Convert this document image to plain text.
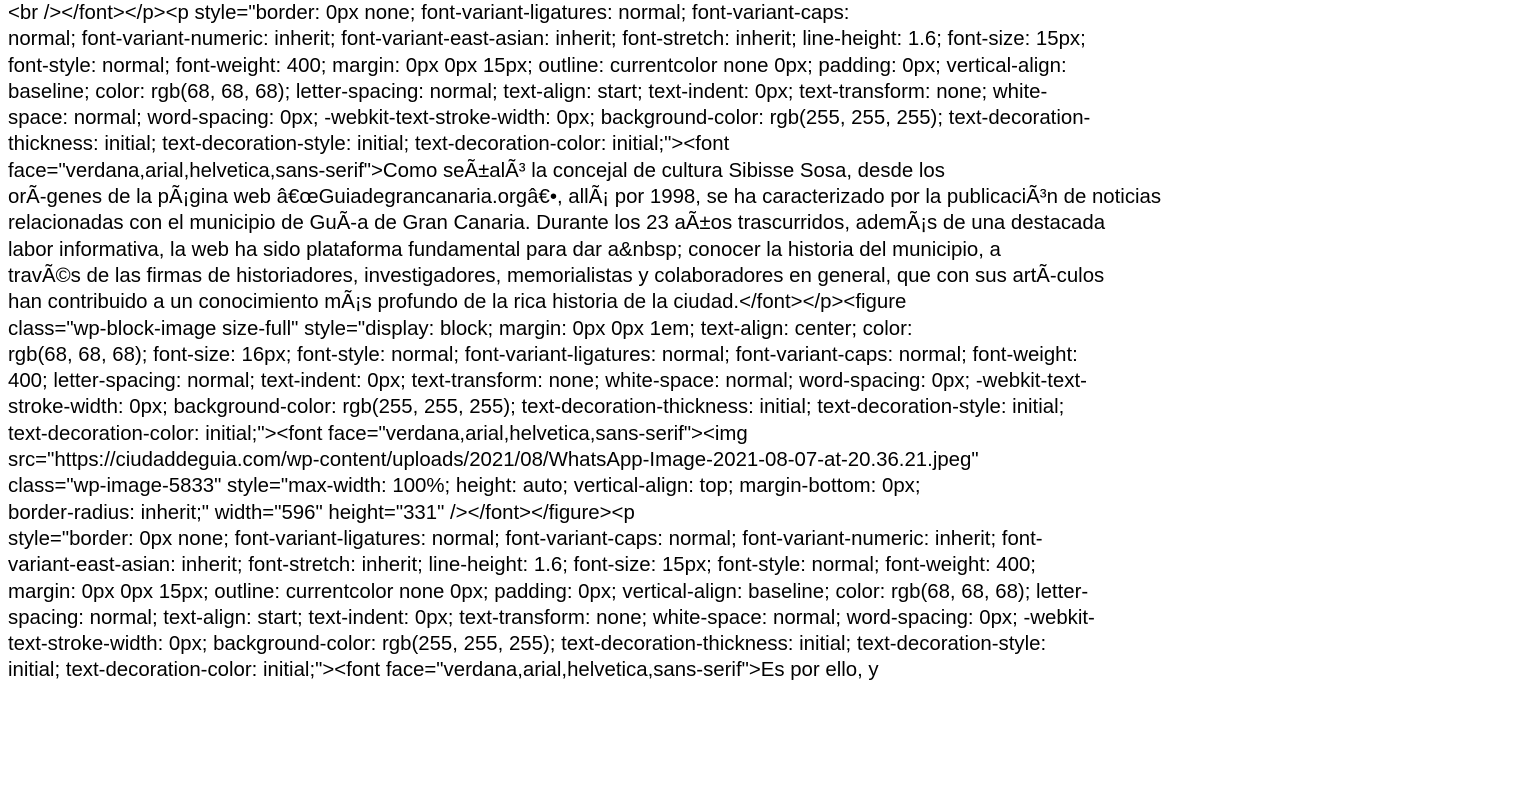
<br /></font></p><p style="border: 0px none; font-variant-ligatures: normal; font-variant-caps:
normal; font-variant-numeric: inherit; font-variant-east-asian: inherit; font-stretch: inherit; line-height: 1.6; font-size: 15px;
font-style: normal; font-weight: 400; margin: 0px 0px 15px; outline: currentcolor none 0px; padding: 0px; vertical-align:
baseline; color: rgb(68, 68, 68); letter-spacing: normal; text-align: start; text-indent: 0px; text-transform: none; white-
space: normal; word-spacing: 0px; -webkit-text-stroke-width: 0px; background-color: rgb(255, 255, 255); text-decoration-
thickness: initial; text-decoration-style: initial; text-decoration-color: initial;"><font
face="verdana,arial,helvetica,sans-serif">Como seÃ±alÃ³ la concejal de cultura Sibisse Sosa, desde los
orÃ-genes de la pÃ¡gina web â€œGuiadegrancanaria.orgâ€•, allÃ¡ por 1998, se ha caracterizado por la publicaciÃ³n de noticias
relacionadas con el municipio de GuÃ-a de Gran Canaria. Durante los 23 aÃ±os trascurridos, ademÃ¡s de una destacada
labor informativa, la web ha sido plataforma fundamental para dar a&nbsp; conocer la historia del municipio, a
travÃ©s de las firmas de historiadores, investigadores, memorialistas y colaboradores en general, que con sus artÃ-culos
han contribuido a un conocimiento mÃ¡s profundo de la rica historia de la ciudad.</font></p><figure
class="wp-block-image size-full" style="display: block; margin: 0px 0px 1em; text-align: center; color:
rgb(68, 68, 68); font-size: 16px; font-style: normal; font-variant-ligatures: normal; font-variant-caps: normal; font-weight:
400; letter-spacing: normal; text-indent: 0px; text-transform: none; white-space: normal; word-spacing: 0px; -webkit-text-
stroke-width: 0px; background-color: rgb(255, 255, 255); text-decoration-thickness: initial; text-decoration-style: initial;
text-decoration-color: initial;"><font face="verdana,arial,helvetica,sans-serif"><img
src="https://ciudaddeguia.com/wp-content/uploads/2021/08/WhatsApp-Image-2021-08-07-at-20.36.21.jpeg"
class="wp-image-5833" style="max-width: 100%; height: auto; vertical-align: top; margin-bottom: 0px;
border-radius: inherit;" width="596" height="331" /></font></figure><p
style="border: 0px none; font-variant-ligatures: normal; font-variant-caps: normal; font-variant-numeric: inherit; font-
variant-east-asian: inherit; font-stretch: inherit; line-height: 1.6; font-size: 15px; font-style: normal; font-weight: 400;
margin: 0px 0px 15px; outline: currentcolor none 0px; padding: 0px; vertical-align: baseline; color: rgb(68, 68, 68); letter-
spacing: normal; text-align: start; text-indent: 0px; text-transform: none; white-space: normal; word-spacing: 0px; -webkit-
text-stroke-width: 0px; background-color: rgb(255, 255, 255); text-decoration-thickness: initial; text-decoration-style:
initial; text-decoration-color: initial;"><font face="verdana,arial,helvetica,sans-serif">Es por ello, y
